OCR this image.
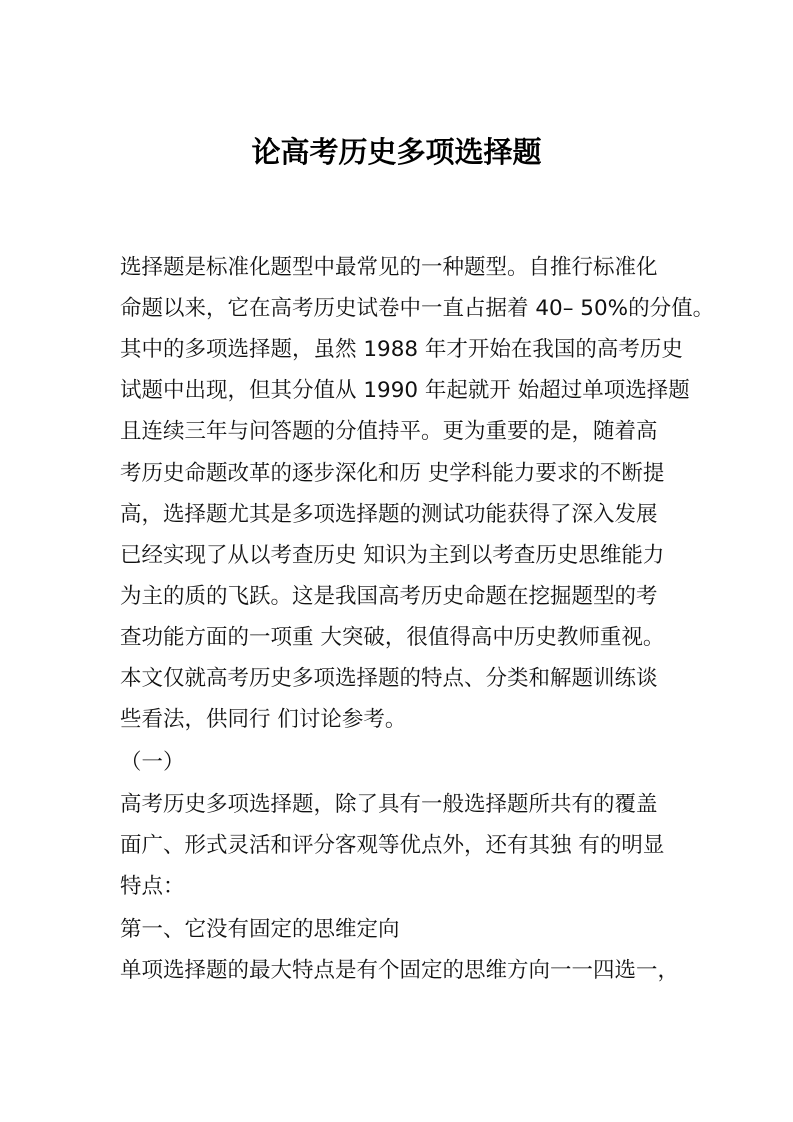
论高考历史多项选择题
选择题是标准化题型中最常见的一种题型。自推行标准化
命题以来，它在高考历史试卷中一直占据着 40– 50%的分值。
其中的多项选择题，虽然 1988 年才开始在我国的高考历史
试题中出现，但其分值从 1990 年起就开 始超过单项选择题
且连续三年与问答题的分值持平。更为重要的是，随着高
考历史命题改革的逐步深化和历 史学科能力要求的不断提
高，选择题尤其是多项选择题的测试功能获得了深入发展
已经实现了从以考查历史 知识为主到以考查历史思维能力
为主的质的飞跃。这是我国高考历史命题在挖掘题型的考
查功能方面的一项重 大突破，很值得高中历史教师重视。
本文仅就高考历史多项选择题的特点、分类和解题训练谈
些看法，供同行 们讨论参考。
（一）
高考历史多项选择题，除了具有一般选择题所共有的覆盖
面广、形式灵活和评分客观等优点外，还有其独 有的明显
特点：
第一、它没有固定的思维定向
单项选择题的最大特点是有个固定的思维方向一一四选一，
